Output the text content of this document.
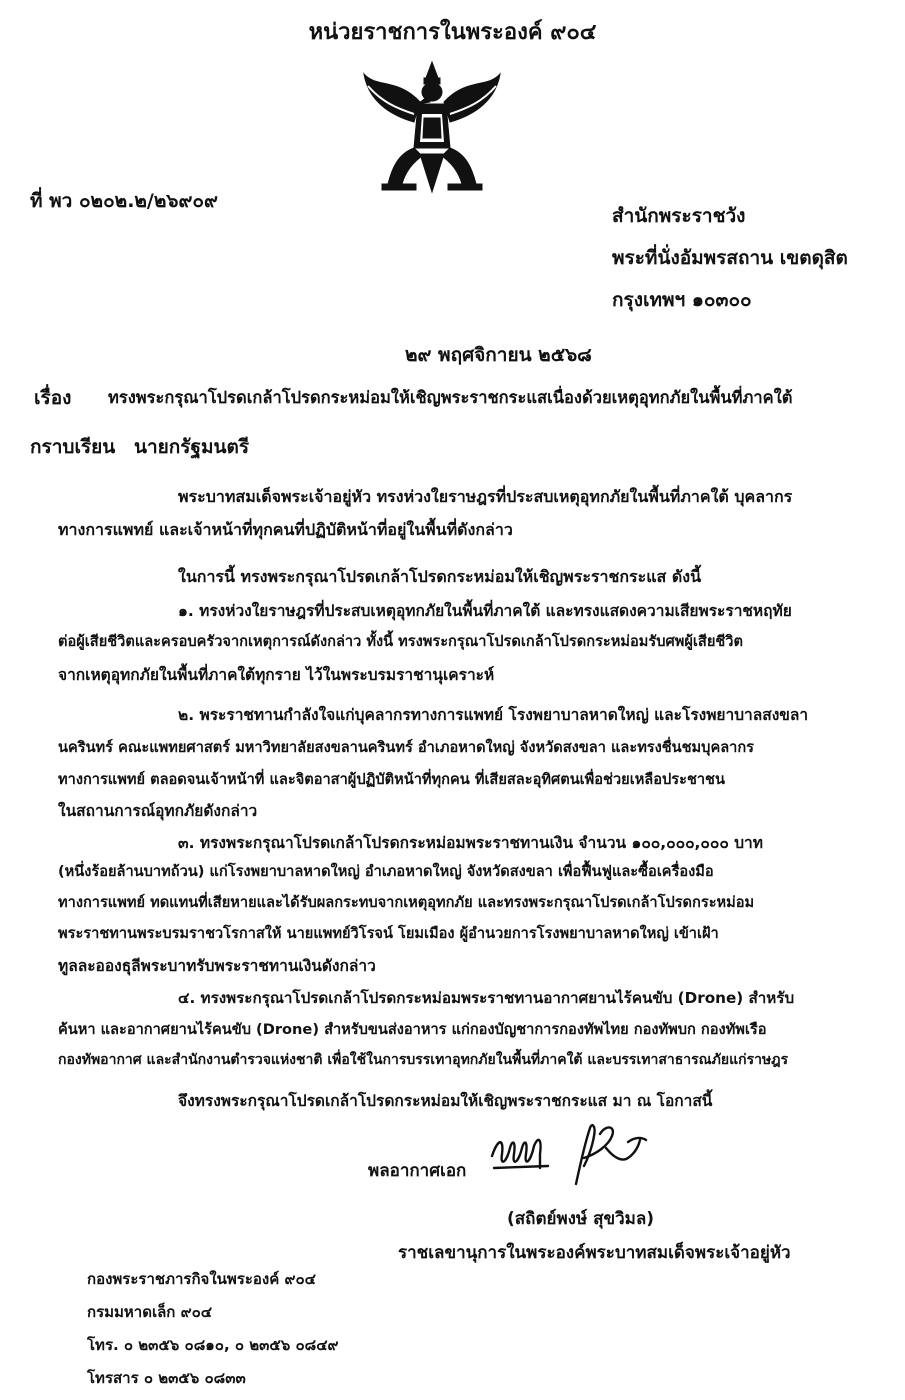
หน่วยราชการในพระองค์ ๙๐๔
ที่ พว ๐๒๐๒.๒/๒๖๙๐๙
สำนักพระราชวัง
พระที่นั่งอัมพรสถาน เขตดุสิต
กรุงเทพฯ ๑๐๓๐๐
๒๙ พฤศจิกายน ๒๕๖๘
เรื่อง ทรงพระกรุณาโปรดเกล้าโปรดกระหม่อมให้เชิญพระราชกระแสเนื่องด้วยเหตุอุทกภัยในพื้นที่ภาคใต้
กราบเรียน นายกรัฐมนตรี
พระบาทสมเด็จพระเจ้าอยู่หัว ทรงห่วงใยราษฎรที่ประสบเหตุอุทกภัยในพื้นที่ภาคใต้ บุคลากร
ทางการแพทย์ และเจ้าหน้าที่ทุกคนที่ปฏิบัติหน้าที่อยู่ในพื้นที่ดังกล่าว
ในการนี้ ทรงพระกรุณาโปรดเกล้าโปรดกระหม่อมให้เชิญพระราชกระแส ดังนี้
๑. ทรงห่วงใยราษฎรที่ประสบเหตุอุทกภัยในพื้นที่ภาคใต้ และทรงแสดงความเสียพระราชหฤทัย
ต่อผู้เสียชีวิตและครอบครัวจากเหตุการณ์ดังกล่าว ทั้งนี้ ทรงพระกรุณาโปรดเกล้าโปรดกระหม่อมรับศพผู้เสียชีวิต
จากเหตุอุทกภัยในพื้นที่ภาคใต้ทุกราย ไว้ในพระบรมราชานุเคราะห์
๒. พระราชทานกำลังใจแก่บุคลากรทางการแพทย์ โรงพยาบาลหาดใหญ่ และโรงพยาบาลสงขลา
นครินทร์ คณะแพทยศาสตร์ มหาวิทยาลัยสงขลานครินทร์ อำเภอหาดใหญ่ จังหวัดสงขลา และทรงชื่นชมบุคลากร
ทางการแพทย์ ตลอดจนเจ้าหน้าที่ และจิตอาสาผู้ปฏิบัติหน้าที่ทุกคน ที่เสียสละอุทิศตนเพื่อช่วยเหลือประชาชน
ในสถานการณ์อุทกภัยดังกล่าว
๓. ทรงพระกรุณาโปรดเกล้าโปรดกระหม่อมพระราชทานเงิน จำนวน ๑๐๐,๐๐๐,๐๐๐ บาท
(หนึ่งร้อยล้านบาทถ้วน) แก่โรงพยาบาลหาดใหญ่ อำเภอหาดใหญ่ จังหวัดสงขลา เพื่อฟื้นฟูและซื้อเครื่องมือ
ทางการแพทย์ ทดแทนที่เสียหายและได้รับผลกระทบจากเหตุอุทกภัย และทรงพระกรุณาโปรดเกล้าโปรดกระหม่อม
พระราชทานพระบรมราชวโรกาสให้ นายแพทย์วิโรจน์ โยมเมือง ผู้อำนวยการโรงพยาบาลหาดใหญ่ เข้าเฝ้า
ทูลละอองธุลีพระบาทรับพระราชทานเงินดังกล่าว
๔. ทรงพระกรุณาโปรดเกล้าโปรดกระหม่อมพระราชทานอากาศยานไร้คนขับ (Drone) สำหรับ
ค้นหา และอากาศยานไร้คนขับ (Drone) สำหรับขนส่งอาหาร แก่กองบัญชาการกองทัพไทย กองทัพบก กองทัพเรือ
กองทัพอากาศ และสำนักงานตำรวจแห่งชาติ เพื่อใช้ในการบรรเทาอุทกภัยในพื้นที่ภาคใต้ และบรรเทาสาธารณภัยแก่ราษฎร
จึงทรงพระกรุณาโปรดเกล้าโปรดกระหม่อมให้เชิญพระราชกระแส มา ณ โอกาสนี้
พลอากาศเอก
(สถิตย์พงษ์ สุขวิมล)
ราชเลขานุการในพระองค์พระบาทสมเด็จพระเจ้าอยู่หัว
กองพระราชภารกิจในพระองค์ ๙๐๔
กรมมหาดเล็ก ๙๐๔
โทร. ๐ ๒๓๕๖ ๐๘๑๐, ๐ ๒๓๕๖ ๐๘๔๙
โทรสาร ๐ ๒๓๕๖ ๐๘๓๓
